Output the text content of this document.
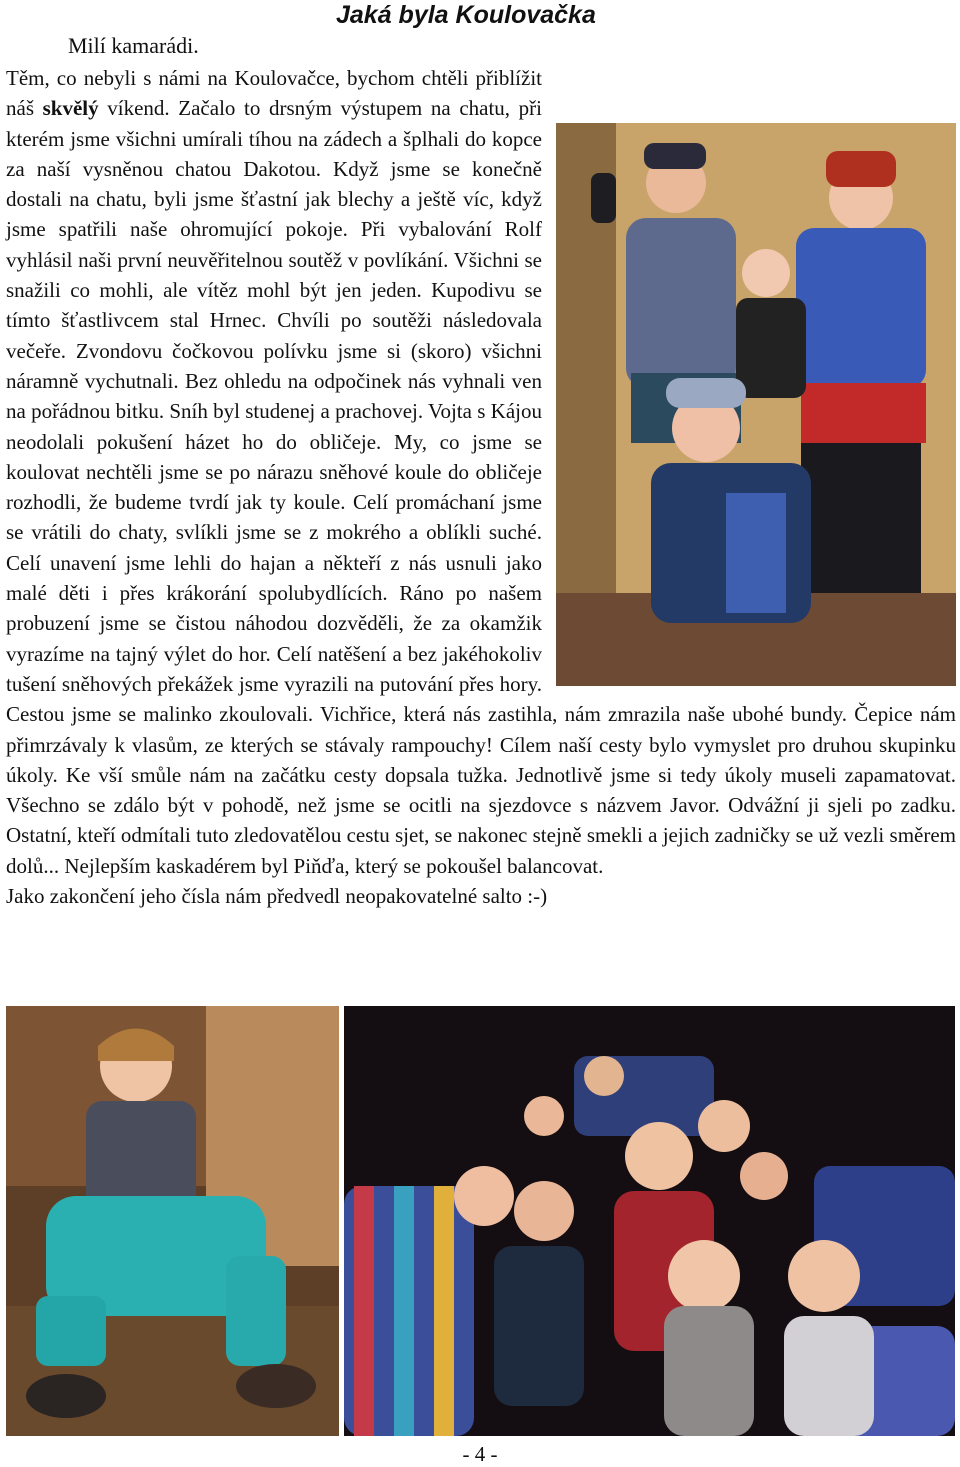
Jaká byla Koulovačka
Milí kamarádi.

Těm, co nebyli s námi na Koulovačce, bychom chtěli přiblížit náš skvělý víkend. Začalo to drsným výstupem na chatu, při kterém jsme všichni umírali tíhou na zádech a šplhali do kopce za naší vysněnou chatou Dakotou. Když jsme se konečně dostali na chatu, byli jsme šťastní jak blechy a ještě víc, když jsme spatřili naše ohromující pokoje. Při vybalování Rolf vyhlásil naši první neuvěřitelnou soutěž v povlíkání. Všichni se snažili co mohli, ale vítěz mohl být jen jeden. Kupodivu se tímto šťastlivcem stal Hrnec. Chvíli po soutěži následovala večeře. Zvondovu čočkovou polívku jsme si (skoro) všichni náramně vychutnali. Bez ohledu na odpočinek nás vyhnali ven na pořádnou bitku. Sníh byl studenej a prachovej. Vojta s Kájou neodolali pokušení házet ho do obličeje. My, co jsme se koulovat nechtěli jsme se po nárazu sněhové koule do obličeje rozhodli, že budeme tvrdí jak ty koule. Celí promáchaní jsme se vrátili do chaty, svlíkli jsme se z mokrého a oblíkli suché. Celí unavení jsme lehli do hajan a někteří z nás usnuli jako malé děti i přes krákorání spolubydlících. Ráno po našem probuzení jsme se čistou náhodou dozvěděli, že za okamžik vyrazíme na tajný výlet do hor. Celí natěšení a bez jakéhokoliv tušení sněhových překážek jsme vyrazili na putování přes hory. Cestou jsme se malinko zkoulovali. Vichřice, která nás zastihla, nám zmrazila naše ubohé bundy. Čepice nám přimrzávaly k vlasům, ze kterých se stávaly rampouchy! Cílem naší cesty bylo vymyslet pro druhou skupinku úkoly. Ke vší smůle nám na začátku cesty dopsala tužka. Jednotlivě jsme si tedy úkoly museli zapamatovat. Všechno se zdálo být v pohodě, než jsme se ocitli na sjezdovce s názvem Javor. Odvážní ji sjeli po zadku. Ostatní, kteří odmítali tuto zledovatělou cestu sjet, se nakonec stejně smekli a jejich zadničky se už vezli směrem dolů... Nejlepším kaskadérem byl Piňďa, který se pokoušel balancovat.

Jako zakončení jeho čísla nám předvedl neopakovatelné salto :-)

- 4 -
